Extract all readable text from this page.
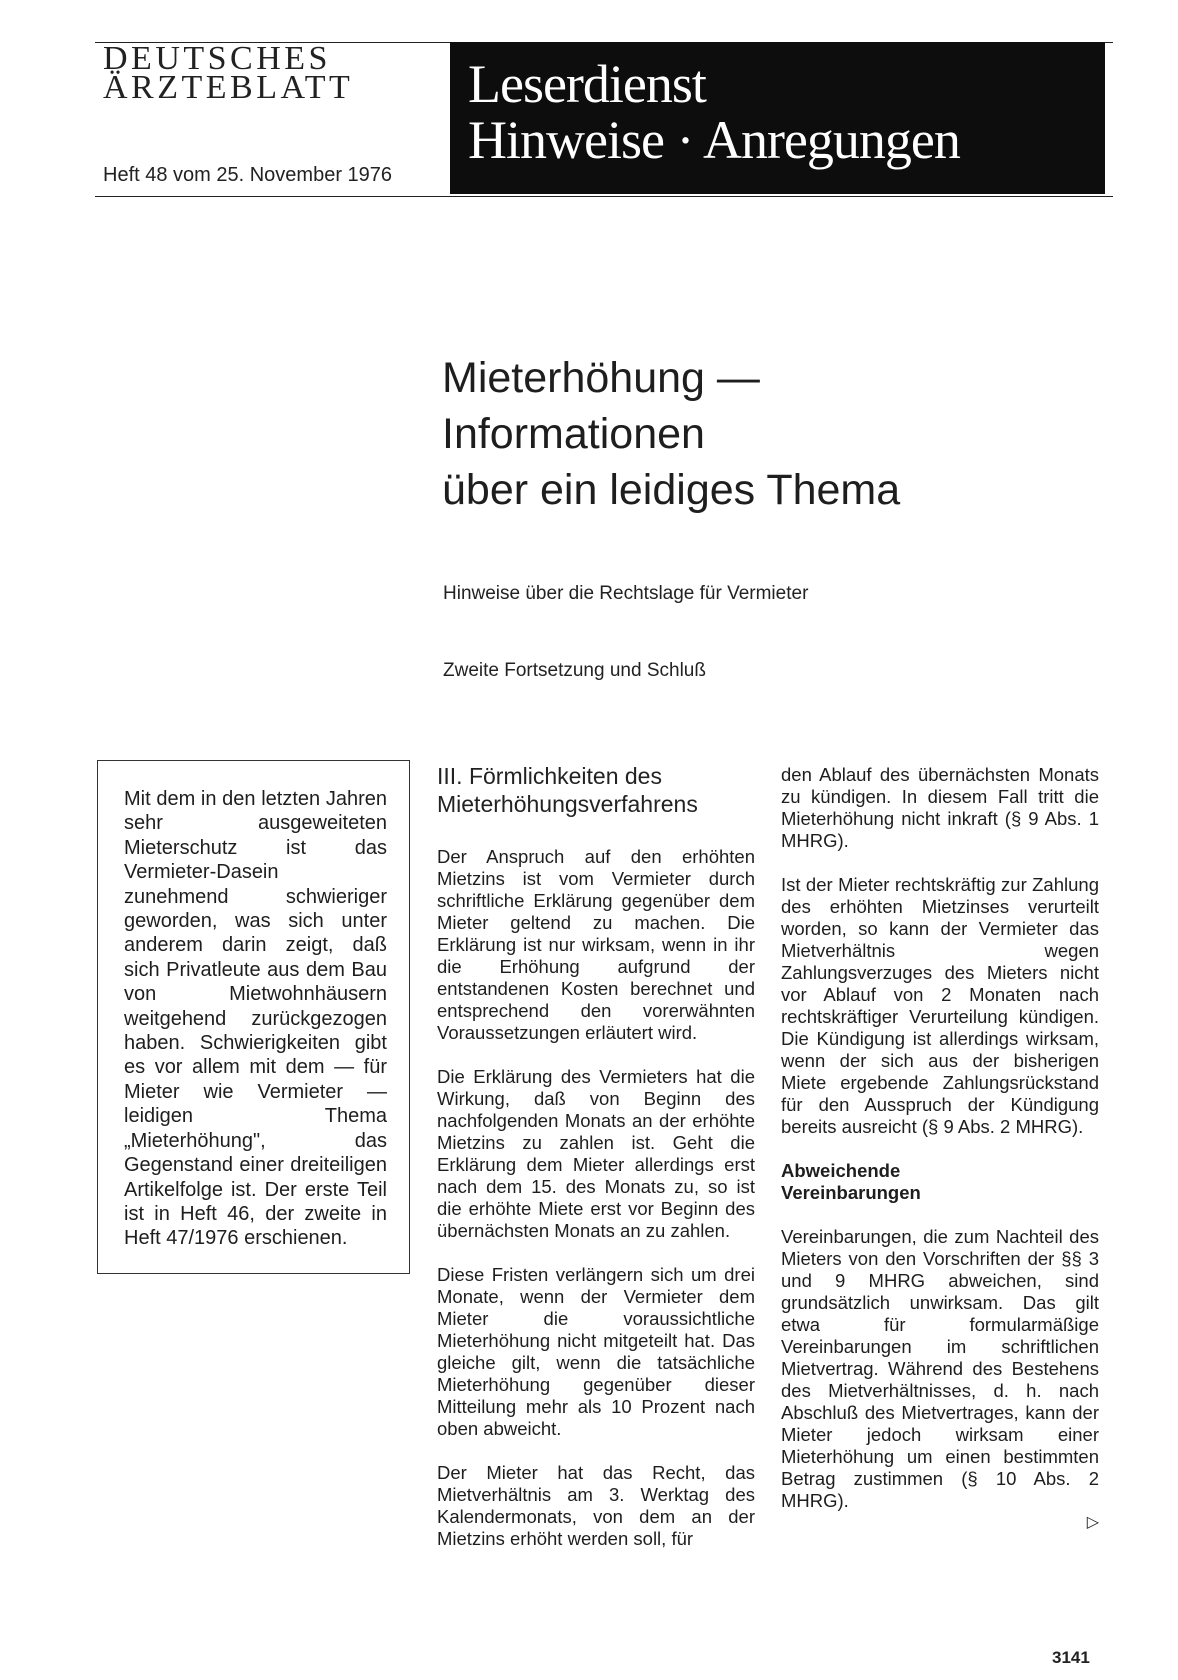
DEUTSCHES
ÄRZTEBLATT
Heft 48 vom 25. November 1976
Leserdienst
Hinweise · Anregungen
Mieterhöhung —
Informationen
über ein leidiges Thema
Hinweise über die Rechtslage für Vermieter
Zweite Fortsetzung und Schluß
Mit dem in den letzten Jahren sehr ausgeweiteten Mieterschutz ist das Vermieter-Dasein zunehmend schwieriger geworden, was sich unter anderem darin zeigt, daß sich Privatleute aus dem Bau von Mietwohnhäusern weitgehend zurückgezogen haben. Schwierigkeiten gibt es vor allem mit dem — für Mieter wie Vermieter — leidigen Thema „Mieterhöhung", das Gegenstand einer dreiteiligen Artikelfolge ist. Der erste Teil ist in Heft 46, der zweite in Heft 47/1976 erschienen.
III. Förmlichkeiten des Mieterhöhungsverfahrens

Der Anspruch auf den erhöhten Mietzins ist vom Vermieter durch schriftliche Erklärung gegenüber dem Mieter geltend zu machen. Die Erklärung ist nur wirksam, wenn in ihr die Erhöhung aufgrund der entstandenen Kosten berechnet und entsprechend den vorerwähnten Voraussetzungen erläutert wird.

Die Erklärung des Vermieters hat die Wirkung, daß von Beginn des nachfolgenden Monats an der erhöhte Mietzins zu zahlen ist. Geht die Erklärung dem Mieter allerdings erst nach dem 15. des Monats zu, so ist die erhöhte Miete erst vor Beginn des übernächsten Monats an zu zahlen.

Diese Fristen verlängern sich um drei Monate, wenn der Vermieter dem Mieter die voraussichtliche Mieterhöhung nicht mitgeteilt hat. Das gleiche gilt, wenn die tatsächliche Mieterhöhung gegenüber dieser Mitteilung mehr als 10 Prozent nach oben abweicht.

Der Mieter hat das Recht, das Mietverhältnis am 3. Werktag des Kalendermonats, von dem an der Mietzins erhöht werden soll, für

den Ablauf des übernächsten Monats zu kündigen. In diesem Fall tritt die Mieterhöhung nicht inkraft (§ 9 Abs. 1 MHRG).

Ist der Mieter rechtskräftig zur Zahlung des erhöhten Mietzinses verurteilt worden, so kann der Vermieter das Mietverhältnis wegen Zahlungsverzuges des Mieters nicht vor Ablauf von 2 Monaten nach rechtskräftiger Verurteilung kündigen. Die Kündigung ist allerdings wirksam, wenn der sich aus der bisherigen Miete ergebende Zahlungsrückstand für den Ausspruch der Kündigung bereits ausreicht (§ 9 Abs. 2 MHRG).

Abweichende
Vereinbarungen

Vereinbarungen, die zum Nachteil des Mieters von den Vorschriften der §§ 3 und 9 MHRG abweichen, sind grundsätzlich unwirksam. Das gilt etwa für formularmäßige Vereinbarungen im schriftlichen Mietvertrag. Während des Bestehens des Mietverhältnisses, d. h. nach Abschluß des Mietvertrages, kann der Mieter jedoch wirksam einer Mieterhöhung um einen bestimmten Betrag zustimmen (§ 10 Abs. 2 MHRG).

▷
3141
